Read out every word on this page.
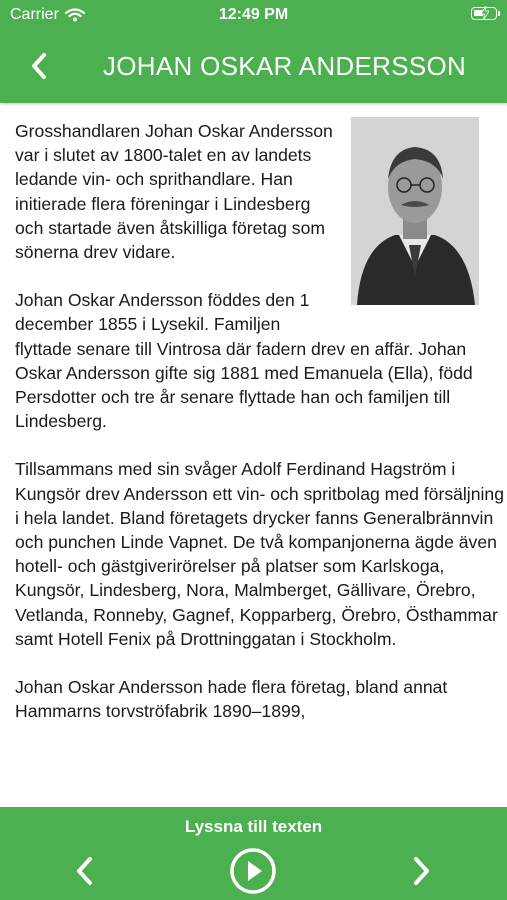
Carrier	12:49 PM
JOHAN OSKAR ANDERSSON

Grosshandlaren Johan Oskar Andersson var i slutet av 1800-talet en av landets ledande vin- och sprithandlare. Han initierade flera föreningar i Lindesberg och startade även åtskilliga företag som sönerna drev vidare.

Johan Oskar Andersson föddes den 1 december 1855 i Lysekil. Familjen flyttade senare till Vintrosa där fadern drev en affär. Johan Oskar Andersson gifte sig 1881 med Emanuela (Ella), född Persdotter och tre år senare flyttade han och familjen till Lindesberg.

Tillsammans med sin svåger Adolf Ferdinand Hagström i Kungsör drev Andersson ett vin- och spritbolag med försäljning i hela landet. Bland företagets drycker fanns Generalbrännvin och punchen Linde Vapnet. De två kompanjonerna ägde även hotell- och gästgiverirörelser på platser som Karlskoga, Kungsör, Lindesberg, Nora, Malmberget, Gällivare, Örebro, Vetlanda, Ronneby, Gagnef, Kopparberg, Örebro, Östhammar samt Hotell Fenix på Drottninggatan i Stockholm.

Johan Oskar Andersson hade flera företag, bland annat Hammarns torvströfabrik 1890–1899,

Lyssna till texten
